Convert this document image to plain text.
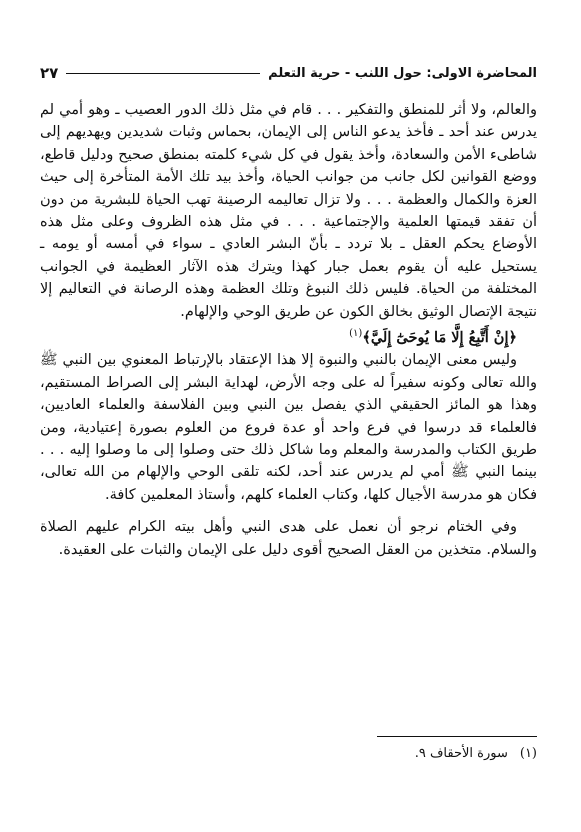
المحاضرة الاولى: حول اللنب - حرية التعلم
٢٧

والعالم، ولا أثر للمنطق والتفكير . . . قام في مثل ذلك الدور العصيب ـ وهو أمي لم يدرس عند أحد ـ فأخذ يدعو الناس إلى الإيمان، بحماس وثبات شديدين ويهديهم إلى شاطىء الأمن والسعادة، وأخذ يقول في كل شيء كلمته بمنطق صحيح ودليل قاطع، ووضع القوانين لكل جانب من جوانب الحياة، وأخذ بيد تلك الأمة المتأخرة إلى حيث العزة والكمال والعظمة . . . ولا تزال تعاليمه الرصينة تهب الحياة للبشرية من دون أن تفقد قيمتها العلمية والإجتماعية . . . في مثل هذه الظروف وعلى مثل هذه الأوضاع يحكم العقل ـ بلا تردد ـ بأنّ البشر العادي ـ سواء في أمسه أو يومه ـ يستحيل عليه أن يقوم بعمل جبار كهذا ويترك هذه الآثار العظيمة في الجوانب المختلفة من الحياة. فليس ذلك النبوغ وتلك العظمة وهذه الرصانة في التعاليم إلا نتيجة الإتصال الوثيق بخالق الكون عن طريق الوحي والإلهام.

﴿إِنْ أَتَّبِعُ إِلَّا مَا يُوحَىٰٓ إِلَيَّ﴾$^{(١)}$

وليس معنى الإيمان بالنبي والنبوة إلا هذا الإعتقاد بالإرتباط المعنوي بين النبي ﷺ والله تعالى وكونه سفيراً له على وجه الأرض، لهداية البشر إلى الصراط المستقيم، وهذا هو المائز الحقيقي الذي يفصل بين النبي وبين الفلاسفة والعلماء العاديين، فالعلماء قد درسوا في فرع واحد أو عدة فروع من العلوم بصورة إعتيادية، ومن طريق الكتاب والمدرسة والمعلم وما شاكل ذلك حتى وصلوا إلى ما وصلوا إليه . . . بينما النبي ﷺ أمي لم يدرس عند أحد، لكنه تلقى الوحي والإلهام من الله تعالى، فكان هو مدرسة الأجيال كلها، وكتاب العلماء كلهم، وأستاذ المعلمين كافة.

وفي الختام نرجو أن نعمل على هدى النبي وأهل بيته الكرام عليهم الصلاة والسلام. متخذين من العقل الصحيح أقوى دليل على الإيمان والثبات على العقيدة.

(١)سورة الأحقاف ٩.
